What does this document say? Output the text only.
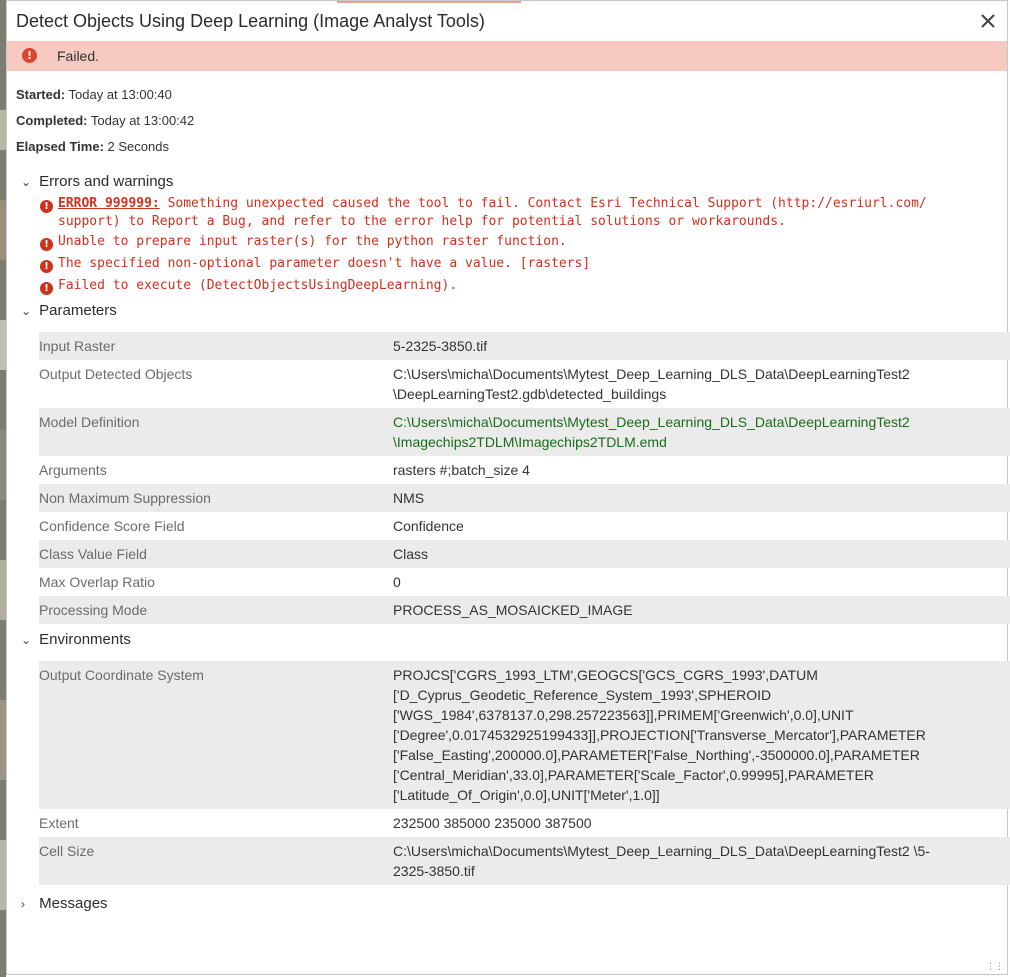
Detect Objects Using Deep Learning (Image Analyst Tools)
!	Failed.
Started: Today at 13:00:40
Completed: Today at 13:00:42
Elapsed Time: 2 Seconds
⌄ Errors and warnings
! ERROR 999999: Something unexpected caused the tool to fail. Contact Esri Technical Support (http://esriurl.com/ support) to Report a Bug, and refer to the error help for potential solutions or workarounds.
! Unable to prepare input raster(s) for the python raster function.
! The specified non-optional parameter doesn't have a value. [rasters]
! Failed to execute (DetectObjectsUsingDeepLearning).
⌄ Parameters
Input Raster	5-2325-3850.tif
Output Detected Objects	C:\Users\micha\Documents\Mytest_Deep_Learning_DLS_Data\DeepLearningTest2 \DeepLearningTest2.gdb\detected_buildings
Model Definition	C:\Users\micha\Documents\Mytest_Deep_Learning_DLS_Data\DeepLearningTest2 \Imagechips2TDLM\Imagechips2TDLM.emd
Arguments	rasters #;batch_size 4
Non Maximum Suppression	NMS
Confidence Score Field	Confidence
Class Value Field	Class
Max Overlap Ratio	0
Processing Mode	PROCESS_AS_MOSAICKED_IMAGE
⌄ Environments
Output Coordinate System	PROJCS['CGRS_1993_LTM',GEOGCS['GCS_CGRS_1993',DATUM ['D_Cyprus_Geodetic_Reference_System_1993',SPHEROID ['WGS_1984',6378137.0,298.257223563]],PRIMEM['Greenwich',0.0],UNIT ['Degree',0.0174532925199433]],PROJECTION['Transverse_Mercator'],PARAMETER ['False_Easting',200000.0],PARAMETER['False_Northing',-3500000.0],PARAMETER ['Central_Meridian',33.0],PARAMETER['Scale_Factor',0.99995],PARAMETER ['Latitude_Of_Origin',0.0],UNIT['Meter',1.0]]
Extent	232500 385000 235000 387500
Cell Size	C:\Users\micha\Documents\Mytest_Deep_Learning_DLS_Data\DeepLearningTest2 \5-2325-3850.tif
› Messages
⋮⋮
